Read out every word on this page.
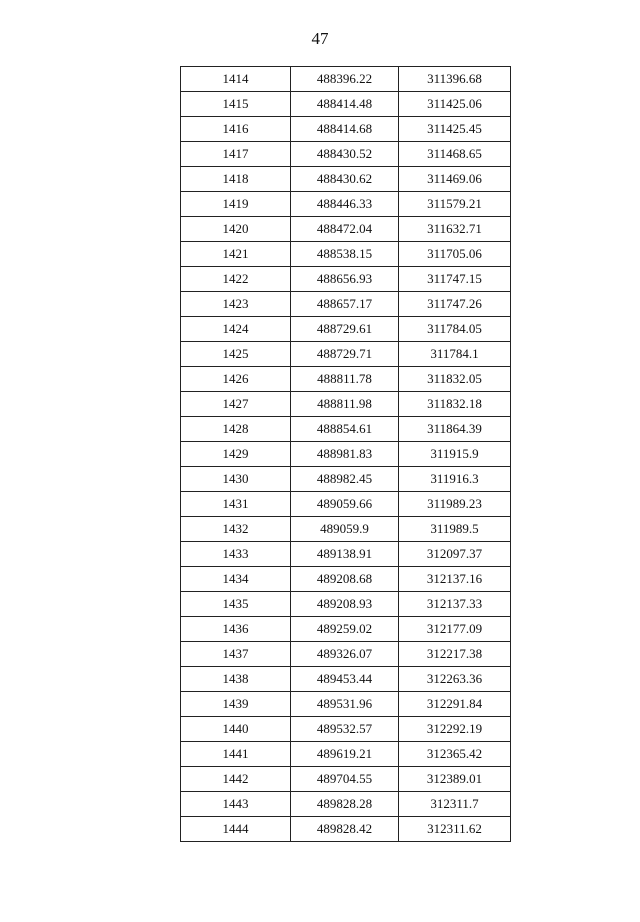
47
1414	488396.22	311396.68
1415	488414.48	311425.06
1416	488414.68	311425.45
1417	488430.52	311468.65
1418	488430.62	311469.06
1419	488446.33	311579.21
1420	488472.04	311632.71
1421	488538.15	311705.06
1422	488656.93	311747.15
1423	488657.17	311747.26
1424	488729.61	311784.05
1425	488729.71	311784.1
1426	488811.78	311832.05
1427	488811.98	311832.18
1428	488854.61	311864.39
1429	488981.83	311915.9
1430	488982.45	311916.3
1431	489059.66	311989.23
1432	489059.9	311989.5
1433	489138.91	312097.37
1434	489208.68	312137.16
1435	489208.93	312137.33
1436	489259.02	312177.09
1437	489326.07	312217.38
1438	489453.44	312263.36
1439	489531.96	312291.84
1440	489532.57	312292.19
1441	489619.21	312365.42
1442	489704.55	312389.01
1443	489828.28	312311.7
1444	489828.42	312311.62
